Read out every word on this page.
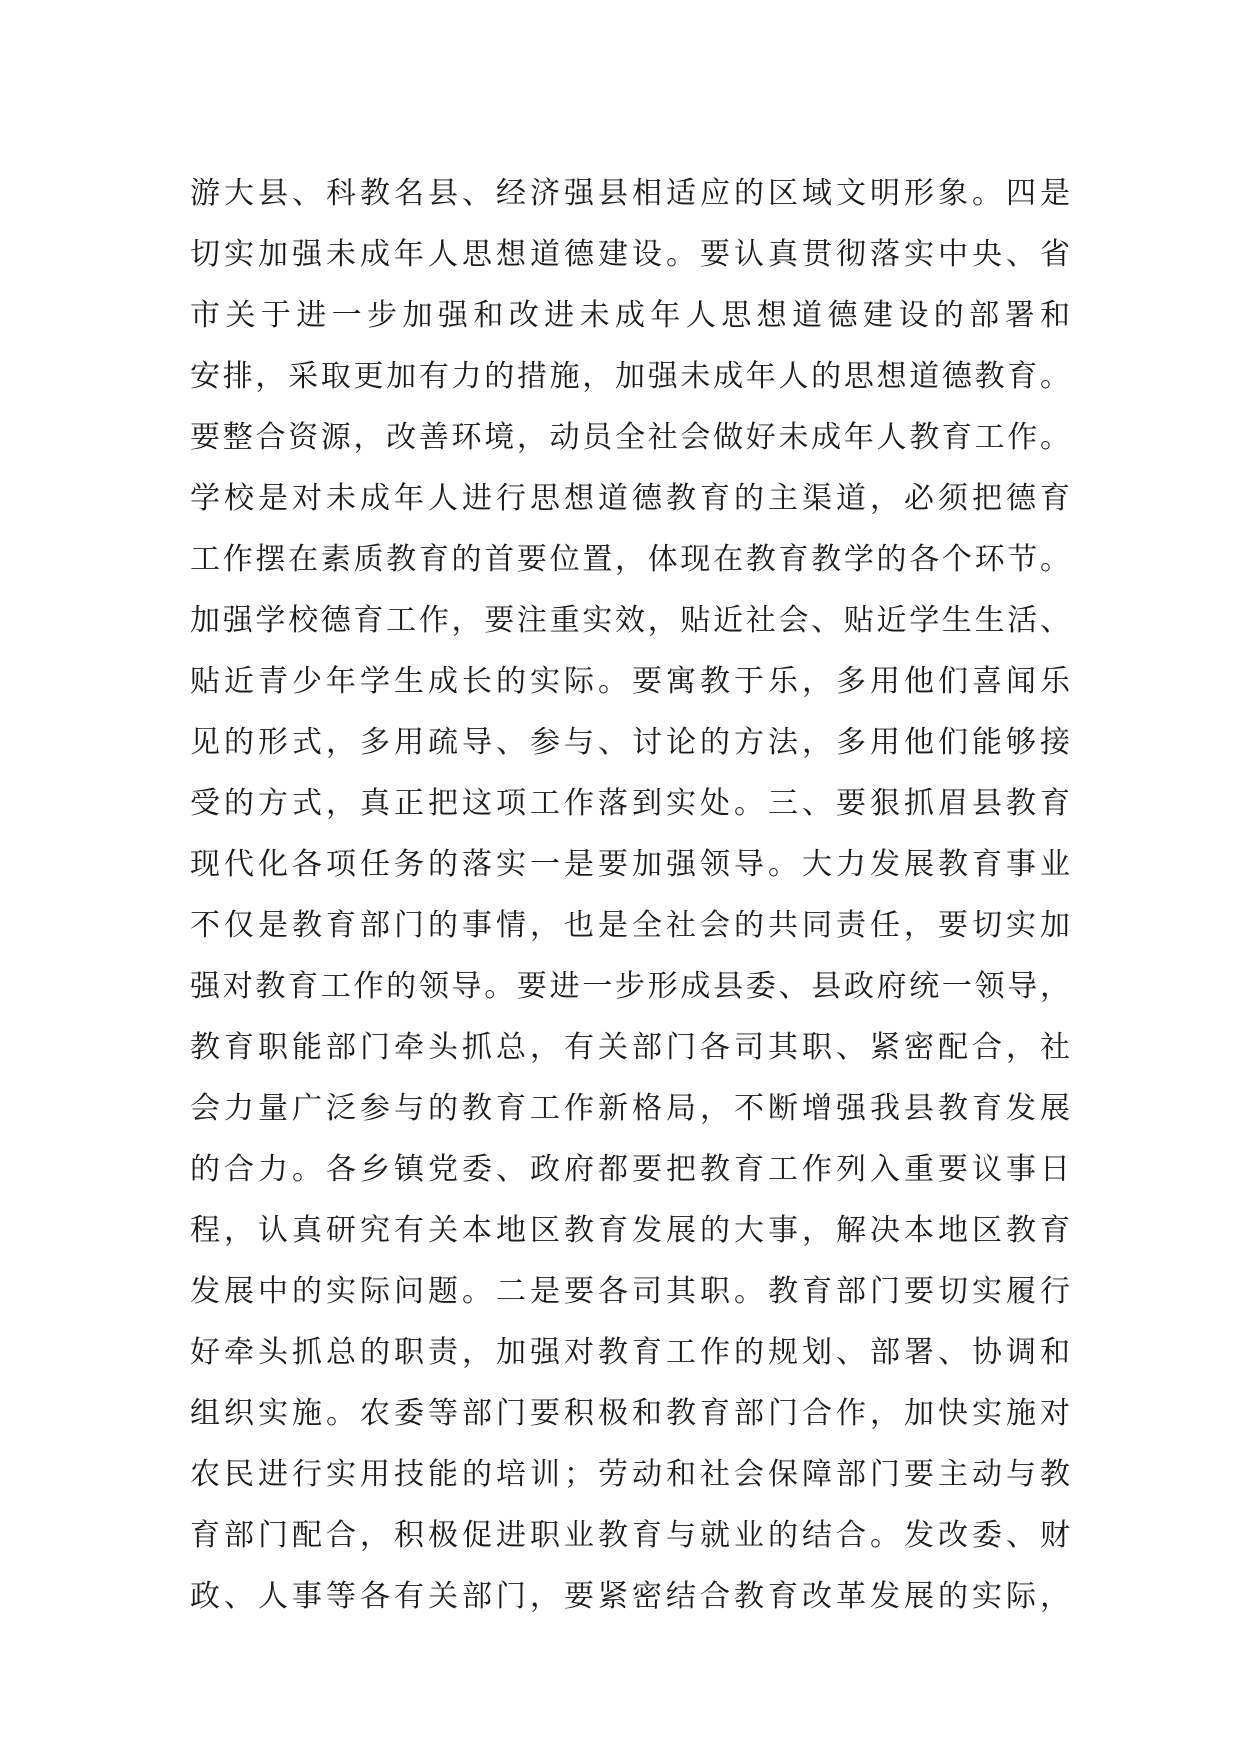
游大县、科教名县、经济强县相适应的区域文明形象。四是
切实加强未成年人思想道德建设。要认真贯彻落实中央、省
市关于进一步加强和改进未成年人思想道德建设的部署和
安排，采取更加有力的措施，加强未成年人的思想道德教育。
要整合资源，改善环境，动员全社会做好未成年人教育工作。
学校是对未成年人进行思想道德教育的主渠道，必须把德育
工作摆在素质教育的首要位置，体现在教育教学的各个环节。
加强学校德育工作，要注重实效，贴近社会、贴近学生生活、
贴近青少年学生成长的实际。要寓教于乐，多用他们喜闻乐
见的形式，多用疏导、参与、讨论的方法，多用他们能够接
受的方式，真正把这项工作落到实处。三、要狠抓眉县教育
现代化各项任务的落实一是要加强领导。大力发展教育事业
不仅是教育部门的事情，也是全社会的共同责任，要切实加
强对教育工作的领导。要进一步形成县委、县政府统一领导，
教育职能部门牵头抓总，有关部门各司其职、紧密配合，社
会力量广泛参与的教育工作新格局，不断增强我县教育发展
的合力。各乡镇党委、政府都要把教育工作列入重要议事日
程，认真研究有关本地区教育发展的大事，解决本地区教育
发展中的实际问题。二是要各司其职。教育部门要切实履行
好牵头抓总的职责，加强对教育工作的规划、部署、协调和
组织实施。农委等部门要积极和教育部门合作，加快实施对
农民进行实用技能的培训；劳动和社会保障部门要主动与教
育部门配合，积极促进职业教育与就业的结合。发改委、财
政、人事等各有关部门，要紧密结合教育改革发展的实际，
